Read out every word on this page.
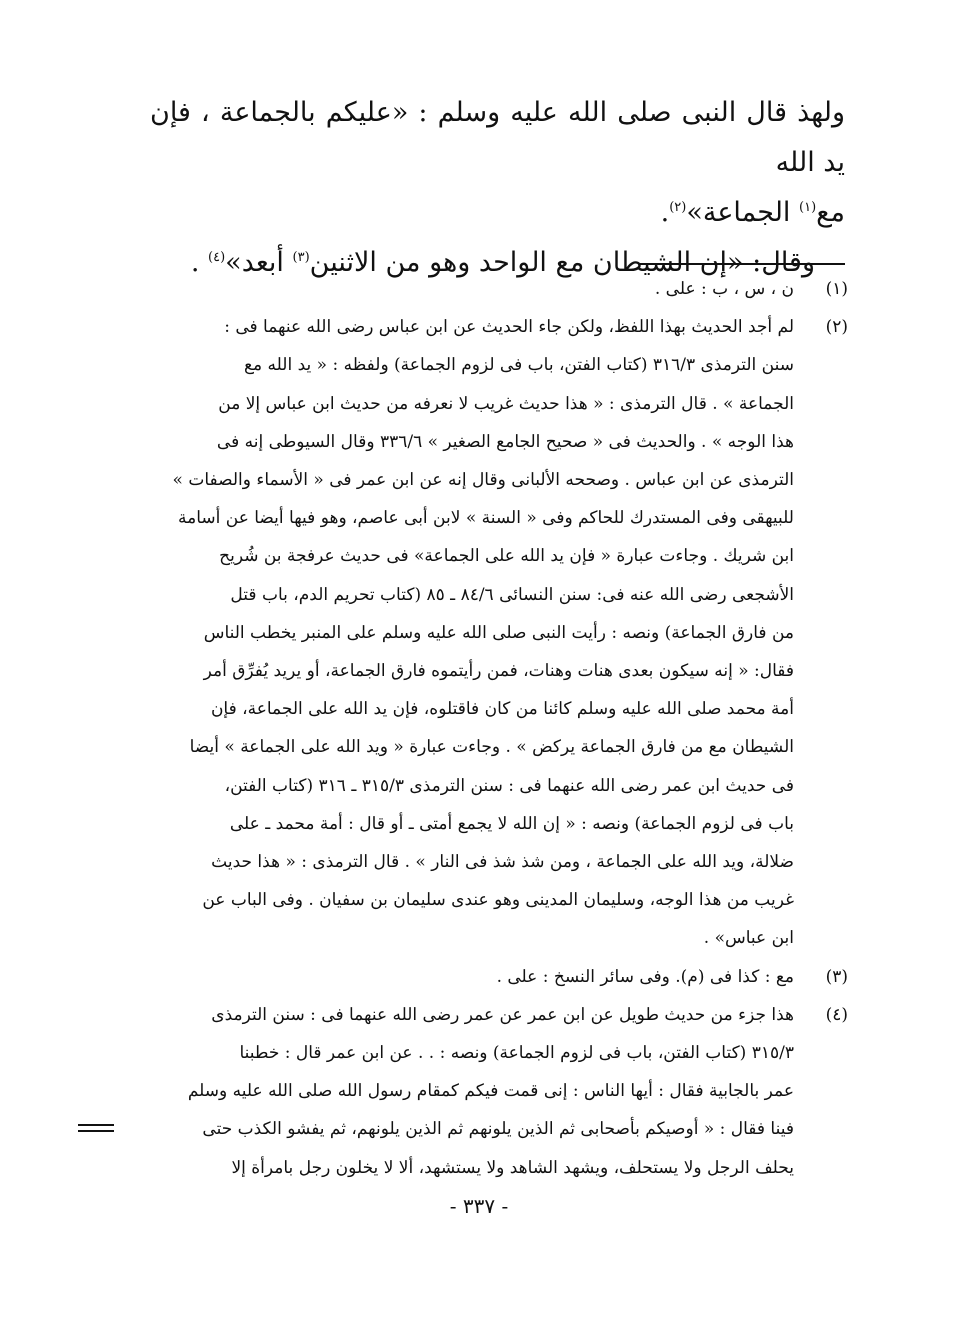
ولهذ قال النبى صلى الله عليه وسلم : «عليكم بالجماعة ، فإن يد الله

مع$^{(١)}$ الجماعة»$^{(٢)}$.

وقال: «إن الشيطان مع الواحد وهو من الاثنين$^{(٣)}$ أبعد»$^{(٤)}$ .

(١)

ن ، س ، ب : على .

(٢)

لم أجد الحديث بهذا اللفظ، ولكن جاء الحديث عن ابن عباس رضى الله عنهما فى :

سنن الترمذى ٣١٦/٣ (كتاب الفتن، باب فى لزوم الجماعة) ولفظه : « يد الله مع

الجماعة » . قال الترمذى : « هذا حديث غريب لا نعرفه من حديث ابن عباس إلا من

هذا الوجه » . والحديث فى « صحيح الجامع الصغير » ٣٣٦/٦ وقال السيوطى إنه فى

الترمذى عن ابن عباس . وصححه الألبانى وقال إنه عن ابن عمر فى « الأسماء والصفات »

للبيهقى وفى المستدرك للحاكم وفى « السنة » لابن أبى عاصم، وهو فيها أيضا عن أسامة

ابن شريك . وجاءت عبارة « فإن يد الله على الجماعة» فى حديث عرفجة بن شُريح

الأشجعى رضى الله عنه فى: سنن النسائى ٨٤/٦ ـ ٨٥ (كتاب تحريم الدم، باب قتل

من فارق الجماعة) ونصه : رأيت النبى صلى الله عليه وسلم على المنبر يخطب الناس

فقال: « إنه سيكون بعدى هنات وهنات، فمن رأيتموه فارق الجماعة، أو يريد يُفرِّق أمر

أمة محمد صلى الله عليه وسلم كائنا من كان فاقتلوه، فإن يد الله على الجماعة، فإن

الشيطان مع من فارق الجماعة يركض » . وجاءت عبارة « ويد الله على الجماعة » أيضا

فى حديث ابن عمر رضى الله عنهما فى : سنن الترمذى ٣١٥/٣ ـ ٣١٦ (كتاب الفتن،

باب فى لزوم الجماعة) ونصه : « إن الله لا يجمع أمتى ـ أو قال : أمة محمد ـ على

ضلالة، ويد الله على الجماعة ، ومن شذ شذ فى النار » . قال الترمذى : « هذا حديث

غريب من هذا الوجه، وسليمان المدينى وهو عندى سليمان بن سفيان . وفى الباب عن

ابن عباس» .

(٣)

مع : كذا فى (م). وفى سائر النسخ : على .

(٤)

هذا جزء من حديث طويل عن ابن عمر عن عمر رضى الله عنهما فى : سنن الترمذى

٣١٥/٣ (كتاب الفتن، باب فى لزوم الجماعة) ونصه : . . عن ابن عمر قال : خطبنا

عمر بالجابية فقال : أيها الناس : إنى قمت فيكم كمقام رسول الله صلى الله عليه وسلم

فينا فقال : « أوصيكم بأصحابى ثم الذين يلونهم ثم الذين يلونهم، ثم يفشو الكذب حتى

يحلف الرجل ولا يستحلف، ويشهد الشاهد ولا يستشهد، ألا لا يخلون رجل بامرأة إلا

- ٣٣٧ -
